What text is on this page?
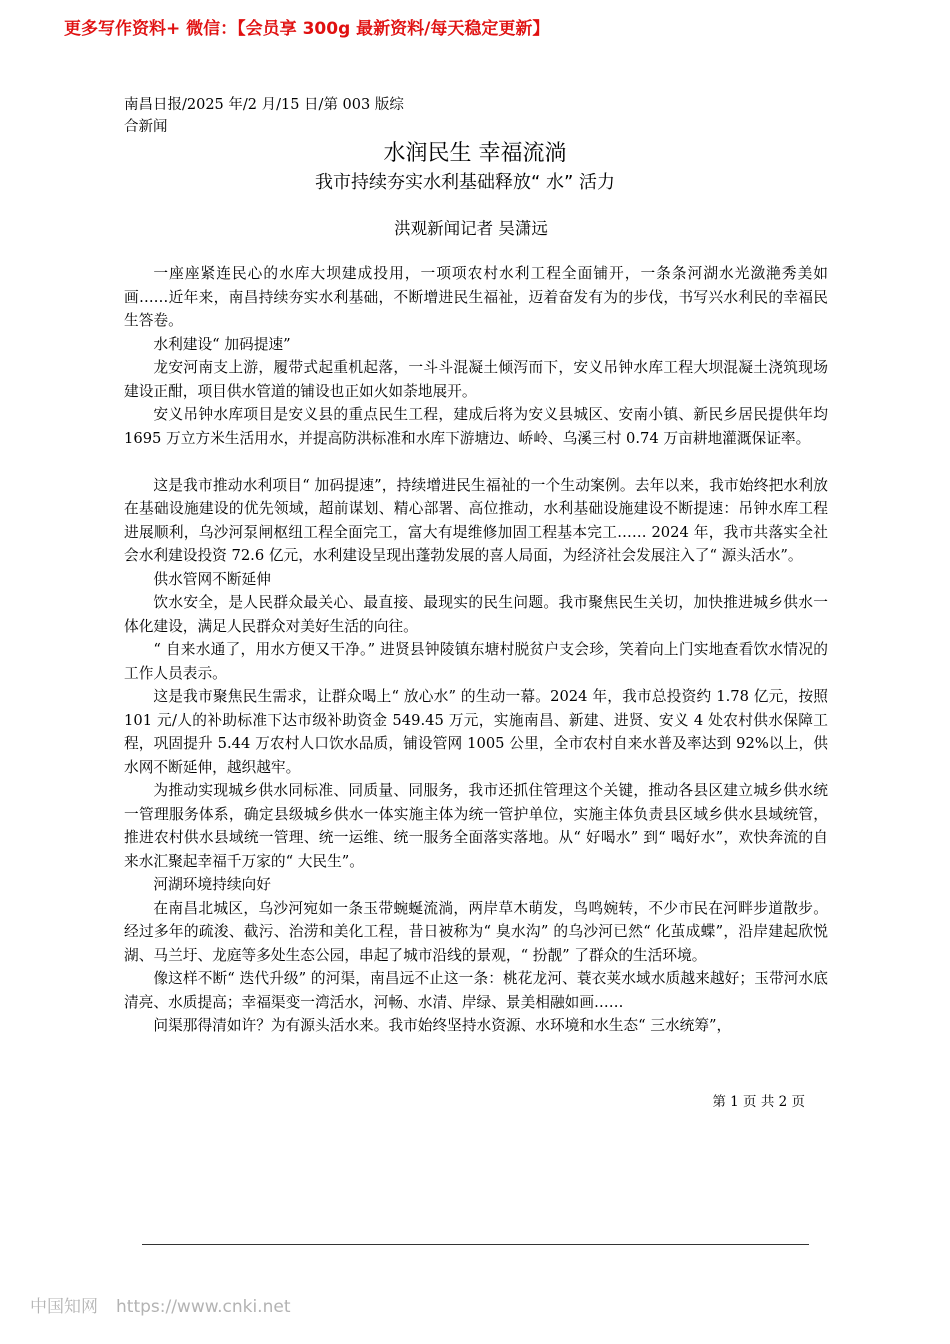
更多写作资料+ 微信：【会员享 300g 最新资料/每天稳定更新】
南昌日报/2025 年/2 月/15 日/第 003 版综合新闻
水润民生 幸福流淌
我市持续夯实水利基础释放“ 水” 活力
洪观新闻记者 吴潇远

一座座紧连民心的水库大坝建成投用，一项项农村水利工程全面铺开，一条条河湖水光潋滟秀美如画……近年来，南昌持续夯实水利基础，不断增进民生福祉，迈着奋发有为的步伐，书写兴水利民的幸福民生答卷。

水利建设“ 加码提速”

龙安河南支上游，履带式起重机起落，一斗斗混凝土倾泻而下，安义吊钟水库工程大坝混凝土浇筑现场建设正酣，项目供水管道的铺设也正如火如荼地展开。

安义吊钟水库项目是安义县的重点民生工程，建成后将为安义县城区、安南小镇、新民乡居民提供年均 1695 万立方米生活用水，并提高防洪标准和水库下游塘边、峤岭、乌溪三村 0.74 万亩耕地灌溉保证率。

这是我市推动水利项目“ 加码提速”，持续增进民生福祉的一个生动案例。去年以来，我市始终把水利放在基础设施建设的优先领域，超前谋划、精心部署、高位推动，水利基础设施建设不断提速：吊钟水库工程进展顺利，乌沙河泵闸枢纽工程全面完工，富大有堤维修加固工程基本完工…… 2024 年，我市共落实全社会水利建设投资 72.6 亿元，水利建设呈现出蓬勃发展的喜人局面，为经济社会发展注入了“ 源头活水”。

供水管网不断延伸

饮水安全，是人民群众最关心、最直接、最现实的民生问题。我市聚焦民生关切，加快推进城乡供水一体化建设，满足人民群众对美好生活的向往。

“ 自来水通了，用水方便又干净。” 进贤县钟陵镇东塘村脱贫户支会珍，笑着向上门实地查看饮水情况的工作人员表示。

这是我市聚焦民生需求，让群众喝上“ 放心水” 的生动一幕。2024 年，我市总投资约 1.78 亿元，按照 101 元/人的补助标准下达市级补助资金 549.45 万元，实施南昌、新建、进贤、安义 4 处农村供水保障工程，巩固提升 5.44 万农村人口饮水品质，铺设管网 1005 公里，全市农村自来水普及率达到 92%以上，供水网不断延伸，越织越牢。

为推动实现城乡供水同标准、同质量、同服务，我市还抓住管理这个关键，推动各县区建立城乡供水统一管理服务体系，确定县级城乡供水一体实施主体为统一管护单位，实施主体负责县区域乡供水县域统管，推进农村供水县域统一管理、统一运维、统一服务全面落实落地。从“ 好喝水” 到“ 喝好水”，欢快奔流的自来水汇聚起幸福千万家的“ 大民生”。

河湖环境持续向好

在南昌北城区，乌沙河宛如一条玉带蜿蜒流淌，两岸草木萌发，鸟鸣婉转，不少市民在河畔步道散步。经过多年的疏浚、截污、治涝和美化工程，昔日被称为“ 臭水沟” 的乌沙河已然“ 化茧成蝶”，沿岸建起欣悦湖、马兰圩、龙庭等多处生态公园，串起了城市沿线的景观，“ 扮靓” 了群众的生活环境。

像这样不断“ 迭代升级” 的河渠，南昌远不止这一条：桃花龙河、蓑衣荚水域水质越来越好；玉带河水底清亮、水质提高；幸福渠变一湾活水，河畅、水清、岸绿、景美相融如画……

问渠那得清如许？为有源头活水来。我市始终坚持水资源、水环境和水生态“ 三水统筹”，

第 1 页 共 2 页
中国知网 https://www.cnki.net
